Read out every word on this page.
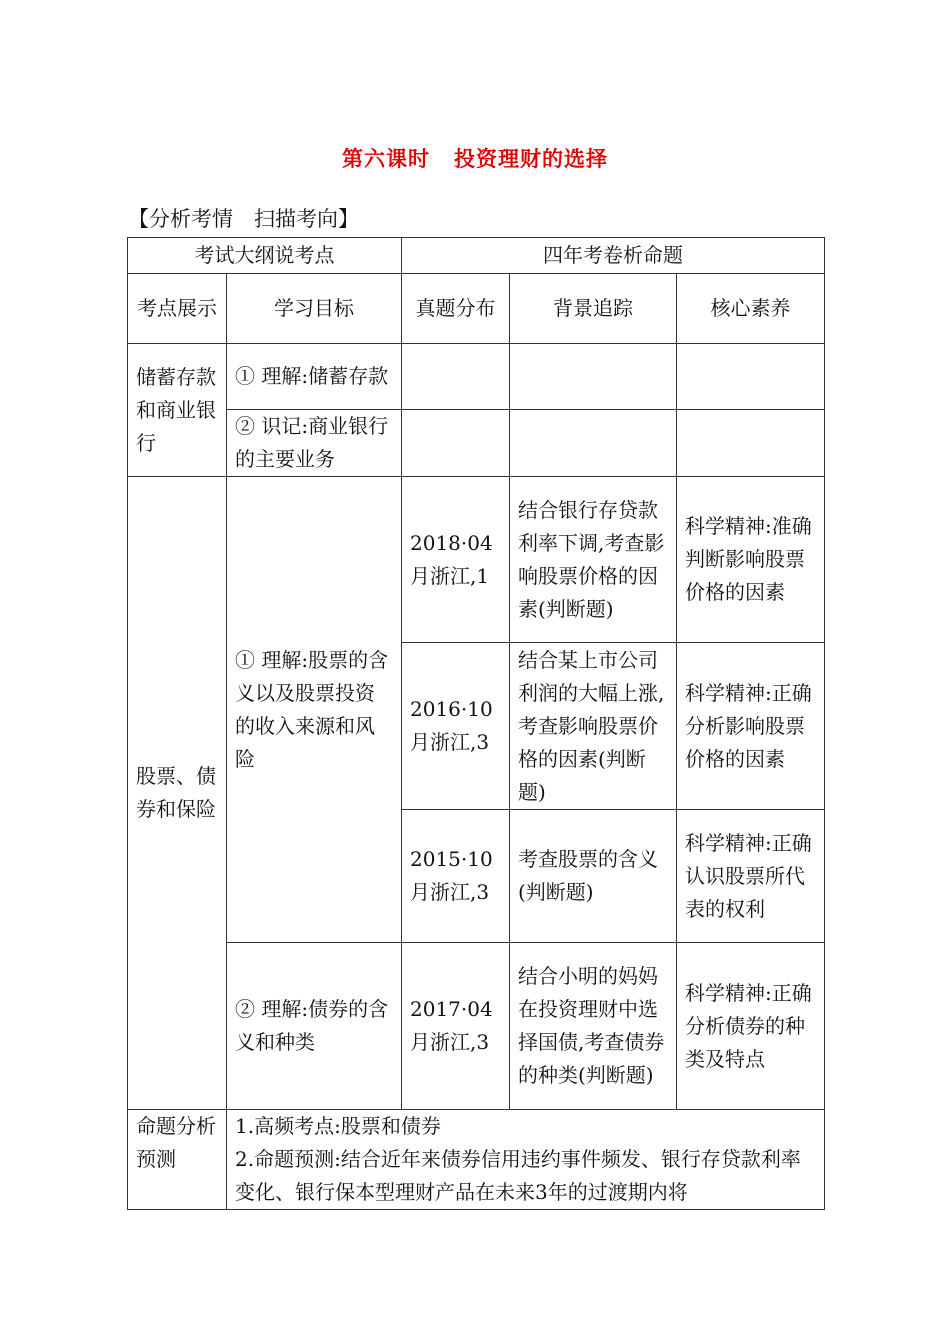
第六课时 投资理财的选择
【分析考情　扫描考向】
考试大纲说考点		四年考卷析命题		
考点展示	学习目标	真题分布	背景追踪	核心素养
储蓄存款和商业银行	① 理解:储蓄存款			
	② 识记:商业银行的主要业务			
股票、债券和保险	① 理解:股票的含义以及股票投资的收入来源和风险	2018·04月浙江,1	结合银行存贷款利率下调,考查影响股票价格的因素(判断题)	科学精神:准确判断影响股票价格的因素
		2016·10月浙江,3	结合某上市公司利润的大幅上涨,考查影响股票价格的因素(判断题)	科学精神:正确分析影响股票价格的因素
		2015·10月浙江,3	考查股票的含义(判断题)	科学精神:正确认识股票所代表的权利
	② 理解:债券的含义和种类	2017·04月浙江,3	结合小明的妈妈在投资理财中选择国债,考查债券的种类(判断题)	科学精神:正确分析债券的种类及特点
命题分析预测	1.高频考点:股票和债券
2.命题预测:结合近年来债券信用违约事件频发、银行存贷款利率变化、银行保本型理财产品在未来3年的过渡期内将			
